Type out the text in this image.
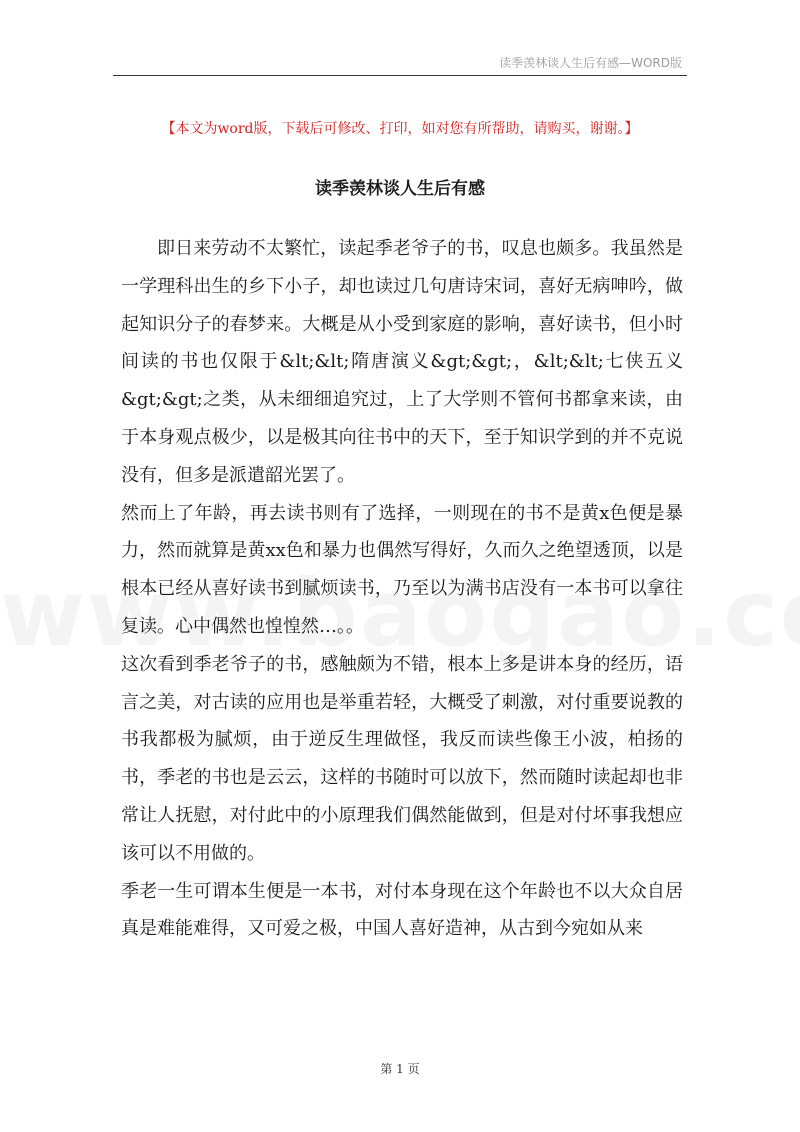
读季羡林谈人生后有感—WORD版
【本文为word版，下载后可修改、打印，如对您有所帮助，请购买，谢谢。】
读季羡林谈人生后有感

即日来劳动不太繁忙，读起季老爷子的书，叹息也颇多。我虽然是一学理科出生的乡下小子，却也读过几句唐诗宋词，喜好无病呻吟，做起知识分子的春梦来。大概是从小受到家庭的影响，喜好读书，但小时间读的书也仅限于&lt;&lt;隋唐演义&gt;&gt;，&lt;&lt;七侠五义&gt;&gt;之类，从未细细追究过，上了大学则不管何书都拿来读，由于本身观点极少，以是极其向往书中的天下，至于知识学到的并不克说没有，但多是派遣韶光罢了。

然而上了年龄，再去读书则有了选择，一则现在的书不是黄x色便是暴力，然而就算是黄xx色和暴力也偶然写得好，久而久之绝望透顶，以是根本已经从喜好读书到腻烦读书，乃至以为满书店没有一本书可以拿往复读。心中偶然也惶惶然…。。

这次看到季老爷子的书，感触颇为不错，根本上多是讲本身的经历，语言之美，对古读的应用也是举重若轻，大概受了刺激，对付重要说教的书我都极为腻烦，由于逆反生理做怪，我反而读些像王小波，柏扬的书，季老的书也是云云，这样的书随时可以放下，然而随时读起却也非常让人抚慰，对付此中的小原理我们偶然能做到，但是对付坏事我想应该可以不用做的。

季老一生可谓本生便是一本书，对付本身现在这个年龄也不以大众自居真是难能难得，又可爱之极，中国人喜好造神，从古到今宛如从来

第 1 页
